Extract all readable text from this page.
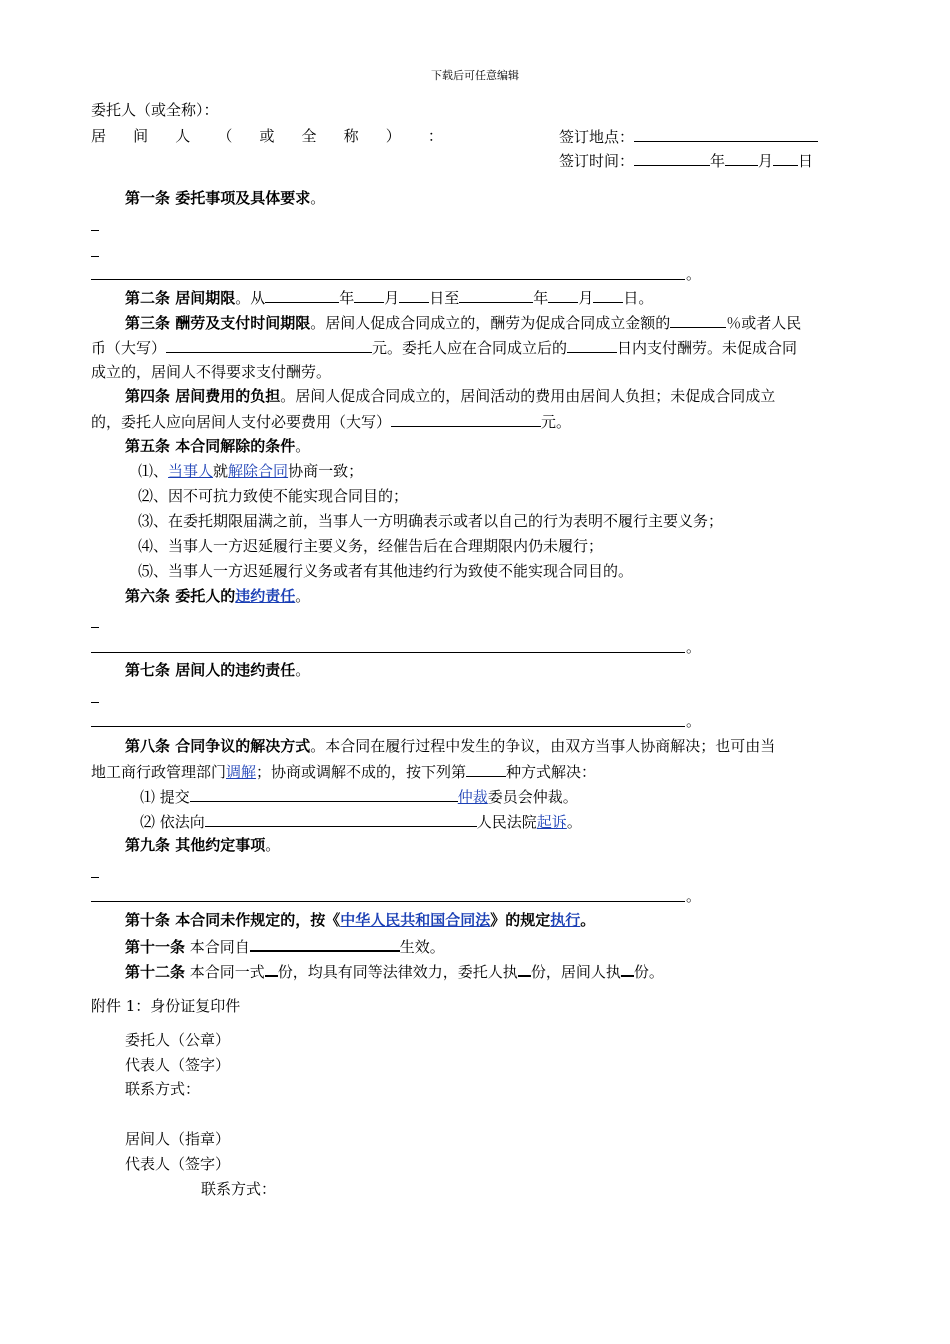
下载后可任意编辑
委托人（或全称）：
居 间 人 （ 或 全 称 ） ：	签订地点：
签订时间：	年 月 日
第一条 委托事项及具体要求。
。
第二条 居间期限。从	年 月 日至	年 月 日。
第三条 酬劳及支付时间期限。居间人促成合同成立的，酬劳为促成合同成立金额的	％或者人民
币（大写）	元。委托人应在合同成立后的	日内支付酬劳。未促成合同
成立的，居间人不得要求支付酬劳。
第四条 居间费用的负担。居间人促成合同成立的，居间活动的费用由居间人负担；未促成合同成立
的，委托人应向居间人支付必要费用（大写）	元。
第五条 本合同解除的条件。
⑴、当事人就解除合同协商一致；
⑵、因不可抗力致使不能实现合同目的；
⑶、在委托期限届满之前，当事人一方明确表示或者以自己的行为表明不履行主要义务；
⑷、当事人一方迟延履行主要义务，经催告后在合理期限内仍未履行；
⑸、当事人一方迟延履行义务或者有其他违约行为致使不能实现合同目的。
第六条 委托人的违约责任。
。
第七条 居间人的违约责任。
。
第八条 合同争议的解决方式。本合同在履行过程中发生的争议，由双方当事人协商解决；也可由当
地工商行政管理部门调解；协商或调解不成的，按下列第	种方式解决：
⑴ 提交	仲裁委员会仲裁。
⑵ 依法向	人民法院起诉。
第九条 其他约定事项。
。
第十条 本合同未作规定的，按《中华人民共和国合同法》的规定执行。
第十一条 本合同自	生效。
第十二条 本合同一式 份，均具有同等法律效力，委托人执 份，居间人执 份。
附件 1：身份证复印件
委托人（公章）
代表人（签字）
联系方式：
居间人（指章）
代表人（签字）
联系方式：
